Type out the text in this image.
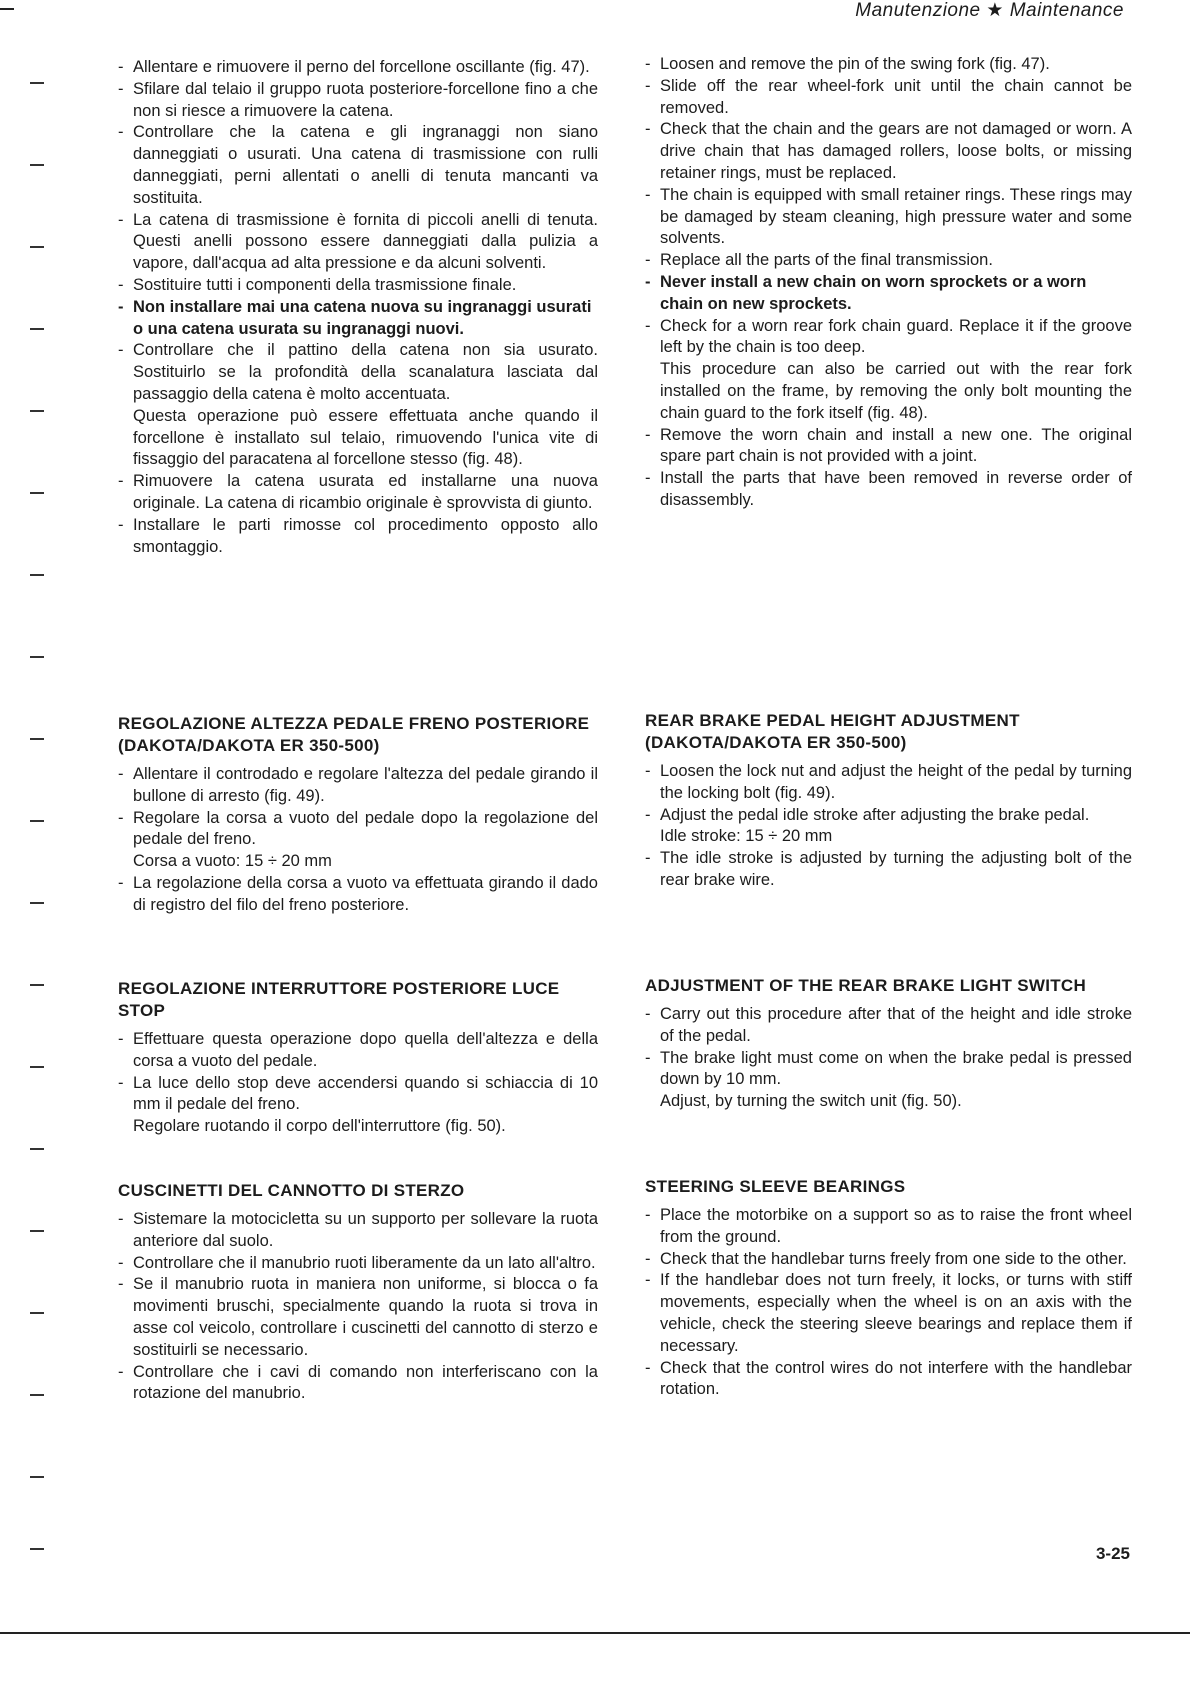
Manutenzione ★ Maintenance
- Allentare e rimuovere il perno del forcellone oscillante (fig. 47).
- Sfilare dal telaio il gruppo ruota posteriore-forcellone fino a che non si riesce a rimuovere la catena.
- Controllare che la catena e gli ingranaggi non siano danneggiati o usurati. Una catena di trasmissione con rulli danneggiati, perni allentati o anelli di tenuta mancanti va sostituita.
- La catena di trasmissione è fornita di piccoli anelli di tenuta. Questi anelli possono essere danneggiati dalla pulizia a vapore, dall'acqua ad alta pressione e da alcuni solventi.
- Sostituire tutti i componenti della trasmissione finale.
- Non installare mai una catena nuova su ingranaggi usurati o una catena usurata su ingranaggi nuovi.
- Controllare che il pattino della catena non sia usurato. Sostituirlo se la profondità della scanalatura lasciata dal passaggio della catena è molto accentuata.
Questa operazione può essere effettuata anche quando il forcellone è installato sul telaio, rimuovendo l'unica vite di fissaggio del paracatena al forcellone stesso (fig. 48).
- Rimuovere la catena usurata ed installarne una nuova originale. La catena di ricambio originale è sprovvista di giunto.
- Installare le parti rimosse col procedimento opposto allo smontaggio.
- Loosen and remove the pin of the swing fork (fig. 47).
- Slide off the rear wheel-fork unit until the chain cannot be removed.
- Check that the chain and the gears are not damaged or worn. A drive chain that has damaged rollers, loose bolts, or missing retainer rings, must be replaced.
- The chain is equipped with small retainer rings. These rings may be damaged by steam cleaning, high pressure water and some solvents.
- Replace all the parts of the final transmission.
- Never install a new chain on worn sprockets or a worn chain on new sprockets.
- Check for a worn rear fork chain guard. Replace it if the groove left by the chain is too deep.
This procedure can also be carried out with the rear fork installed on the frame, by removing the only bolt mounting the chain guard to the fork itself (fig. 48).
- Remove the worn chain and install a new one. The original spare part chain is not provided with a joint.
- Install the parts that have been removed in reverse order of disassembly.
REGOLAZIONE ALTEZZA PEDALE FRENO POSTERIORE (DAKOTA/DAKOTA ER 350-500)
- Allentare il controdado e regolare l'altezza del pedale girando il bullone di arresto (fig. 49).
- Regolare la corsa a vuoto del pedale dopo la regolazione del pedale del freno.
Corsa a vuoto: 15 ÷ 20 mm
- La regolazione della corsa a vuoto va effettuata girando il dado di registro del filo del freno posteriore.
REAR BRAKE PEDAL HEIGHT ADJUSTMENT (DAKOTA/DAKOTA ER 350-500)
- Loosen the lock nut and adjust the height of the pedal by turning the locking bolt (fig. 49).
- Adjust the pedal idle stroke after adjusting the brake pedal.
Idle stroke: 15 ÷ 20 mm
- The idle stroke is adjusted by turning the adjusting bolt of the rear brake wire.
REGOLAZIONE INTERRUTTORE POSTERIORE LUCE STOP
- Effettuare questa operazione dopo quella dell'altezza e della corsa a vuoto del pedale.
- La luce dello stop deve accendersi quando si schiaccia di 10 mm il pedale del freno.
Regolare ruotando il corpo dell'interruttore (fig. 50).
ADJUSTMENT OF THE REAR BRAKE LIGHT SWITCH
- Carry out this procedure after that of the height and idle stroke of the pedal.
- The brake light must come on when the brake pedal is pressed down by 10 mm.
Adjust, by turning the switch unit (fig. 50).
CUSCINETTI DEL CANNOTTO DI STERZO
- Sistemare la motocicletta su un supporto per sollevare la ruota anteriore dal suolo.
- Controllare che il manubrio ruoti liberamente da un lato all'altro.
- Se il manubrio ruota in maniera non uniforme, si blocca o fa movimenti bruschi, specialmente quando la ruota si trova in asse col veicolo, controllare i cuscinetti del cannotto di sterzo e sostituirli se necessario.
- Controllare che i cavi di comando non interferiscano con la rotazione del manubrio.
STEERING SLEEVE BEARINGS
- Place the motorbike on a support so as to raise the front wheel from the ground.
- Check that the handlebar turns freely from one side to the other.
- If the handlebar does not turn freely, it locks, or turns with stiff movements, especially when the wheel is on an axis with the vehicle, check the steering sleeve bearings and replace them if necessary.
- Check that the control wires do not interfere with the handlebar rotation.
3-25
